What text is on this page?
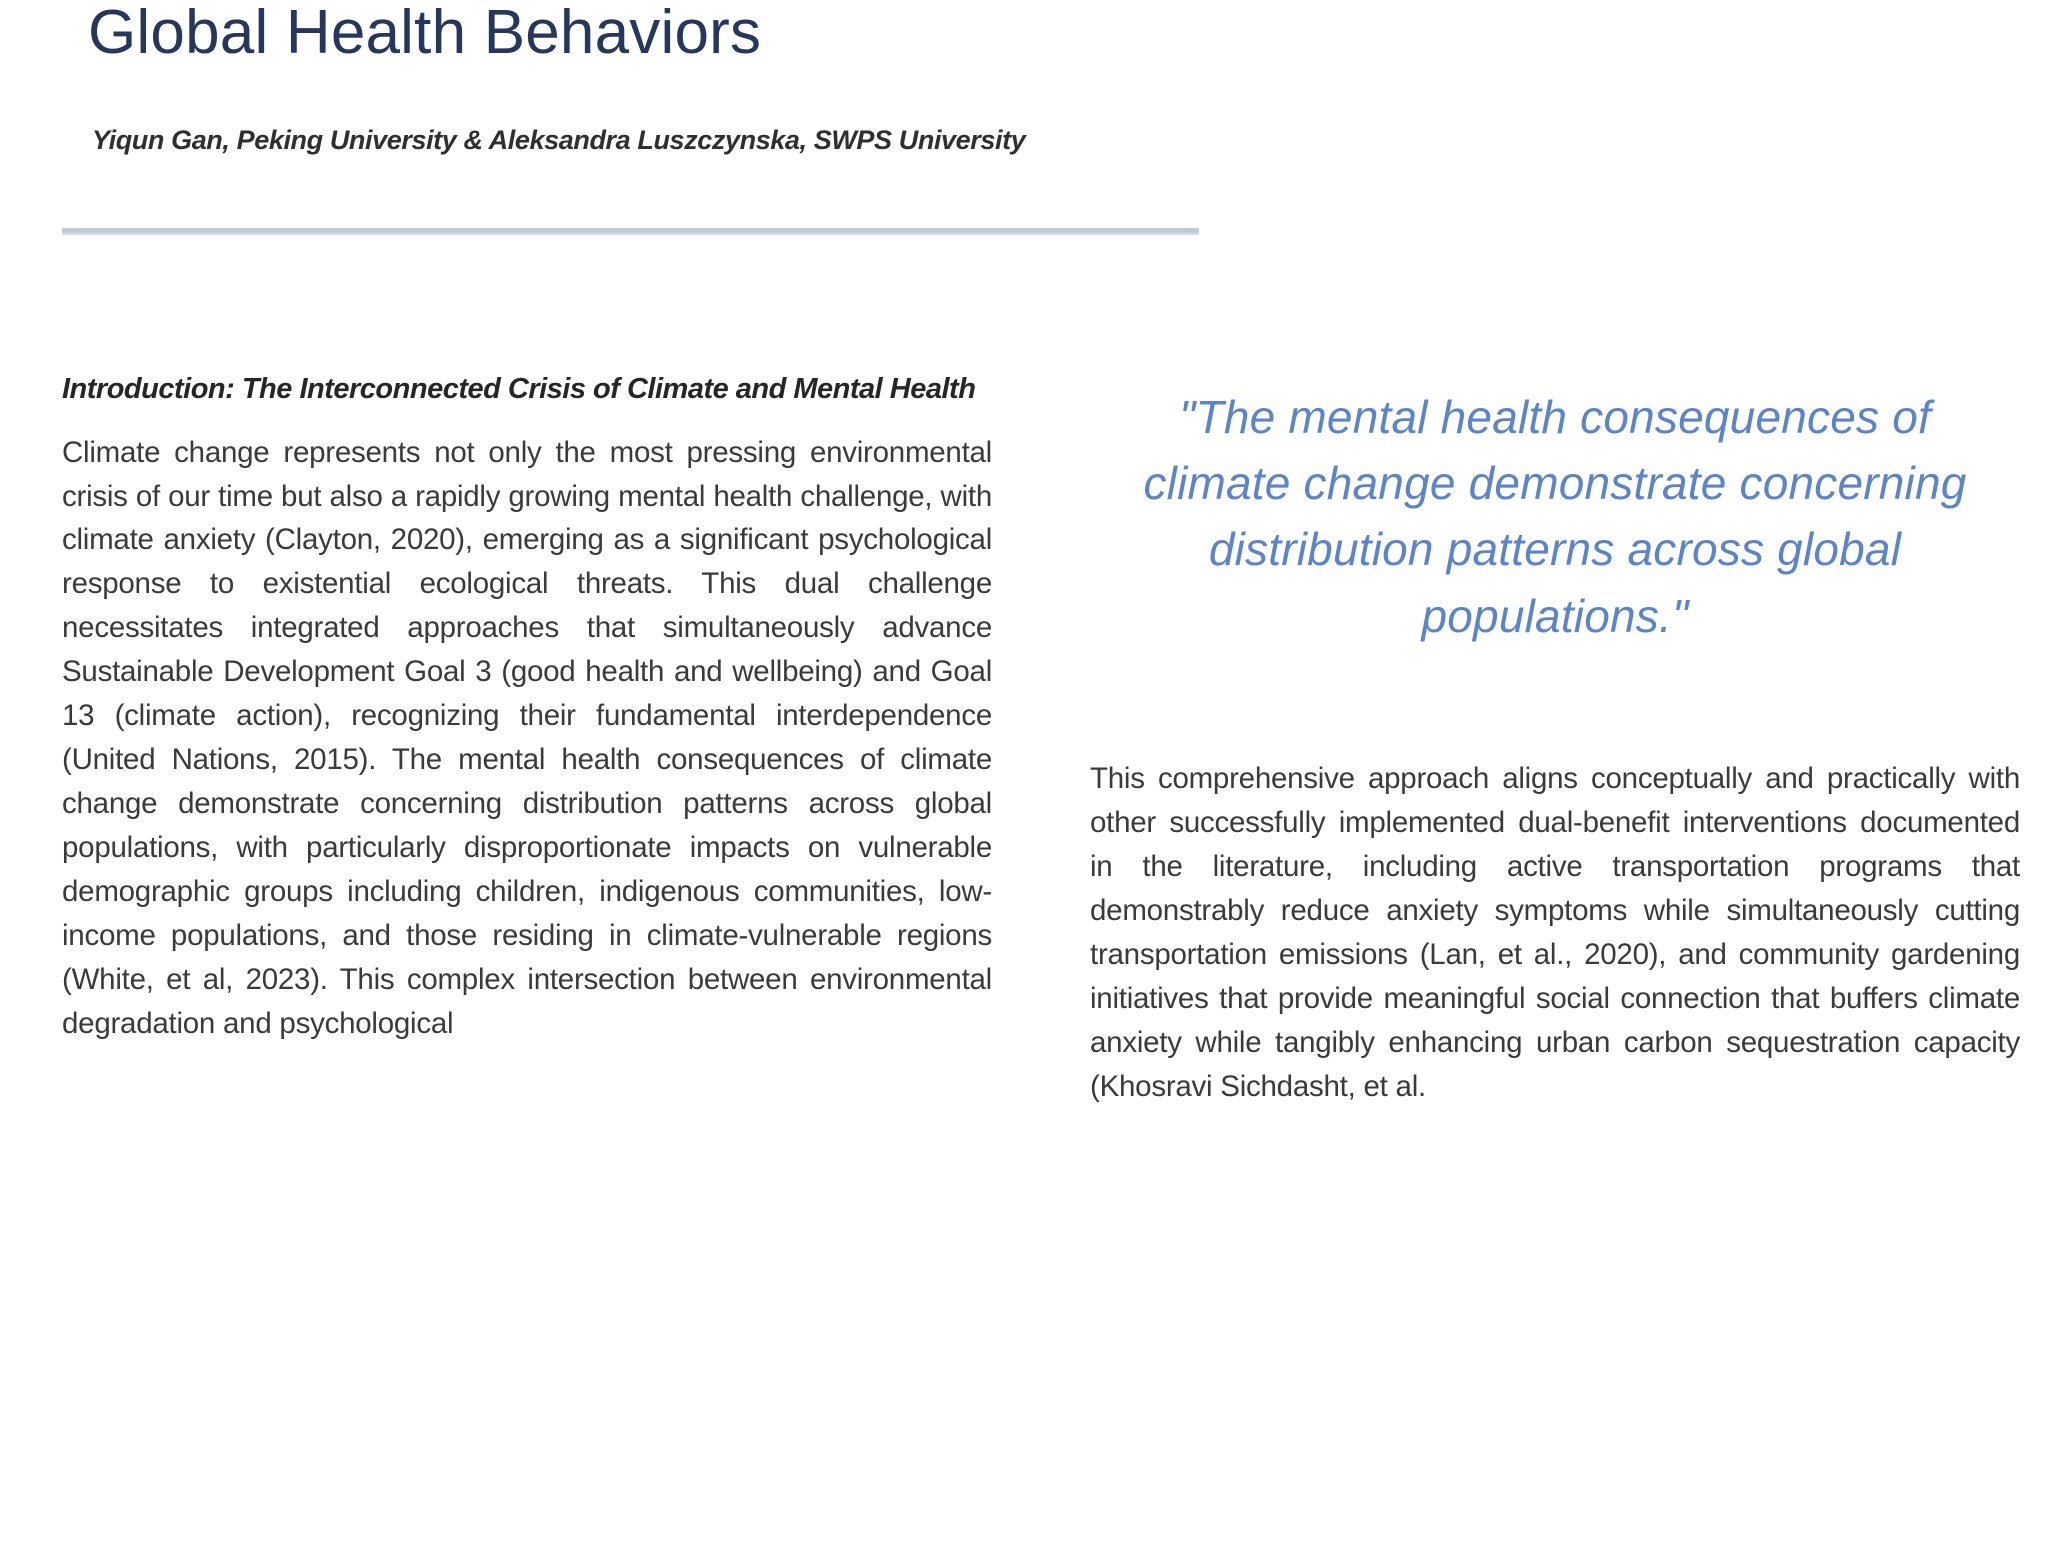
Global Health Behaviors
Yiqun Gan, Peking University & Aleksandra Luszczynska, SWPS University
Introduction: The Interconnected Crisis of Climate and Mental Health

Climate change represents not only the most pressing environmental crisis of our time but also a rapidly growing mental health challenge, with climate anxiety (Clayton, 2020), emerging as a significant psychological response to existential ecological threats. This dual challenge necessitates integrated approaches that simultaneously advance Sustainable Development Goal 3 (good health and wellbeing) and Goal 13 (climate action), recognizing their fundamental interdependence (United Nations, 2015). The mental health consequences of climate change demonstrate concerning distribution patterns across global populations, with particularly disproportionate impacts on vulnerable demographic groups including children, indigenous communities, low-income populations, and those residing in climate-vulnerable regions (White, et al, 2023). This complex intersection between environmental degradation and psychological

"The mental health consequences of climate change demonstrate concerning distribution patterns across global populations."

This comprehensive approach aligns conceptually and practically with other successfully implemented dual-benefit interventions documented in the literature, including active transportation programs that demonstrably reduce anxiety symptoms while simultaneously cutting transportation emissions (Lan, et al., 2020), and community gardening initiatives that provide meaningful social connection that buffers climate anxiety while tangibly enhancing urban carbon sequestration capacity (Khosravi Sichdasht, et al.
